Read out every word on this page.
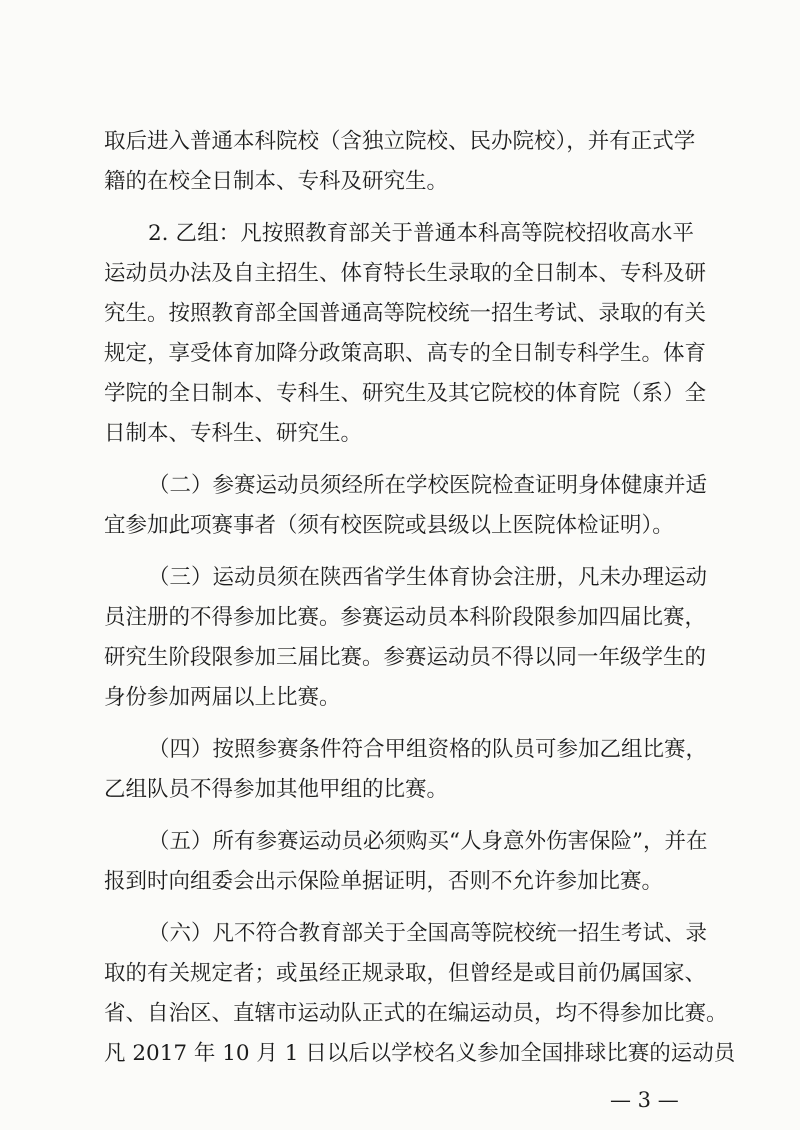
取后进入普通本科院校（含独立院校、民办院校），并有正式学
籍的在校全日制本、专科及研究生。
2. 乙组：凡按照教育部关于普通本科高等院校招收高水平
运动员办法及自主招生、体育特长生录取的全日制本、专科及研
究生。按照教育部全国普通高等院校统一招生考试、录取的有关
规定，享受体育加降分政策高职、高专的全日制专科学生。体育
学院的全日制本、专科生、研究生及其它院校的体育院（系）全
日制本、专科生、研究生。
（二）参赛运动员须经所在学校医院检查证明身体健康并适
宜参加此项赛事者（须有校医院或县级以上医院体检证明）。
（三）运动员须在陕西省学生体育协会注册，凡未办理运动
员注册的不得参加比赛。参赛运动员本科阶段限参加四届比赛，
研究生阶段限参加三届比赛。参赛运动员不得以同一年级学生的
身份参加两届以上比赛。
（四）按照参赛条件符合甲组资格的队员可参加乙组比赛，
乙组队员不得参加其他甲组的比赛。
（五）所有参赛运动员必须购买“人身意外伤害保险”，并在
报到时向组委会出示保险单据证明，否则不允许参加比赛。
（六）凡不符合教育部关于全国高等院校统一招生考试、录
取的有关规定者；或虽经正规录取，但曾经是或目前仍属国家、
省、自治区、直辖市运动队正式的在编运动员，均不得参加比赛。
凡 2017 年 10 月 1 日以后以学校名义参加全国排球比赛的运动员
— 3 —
